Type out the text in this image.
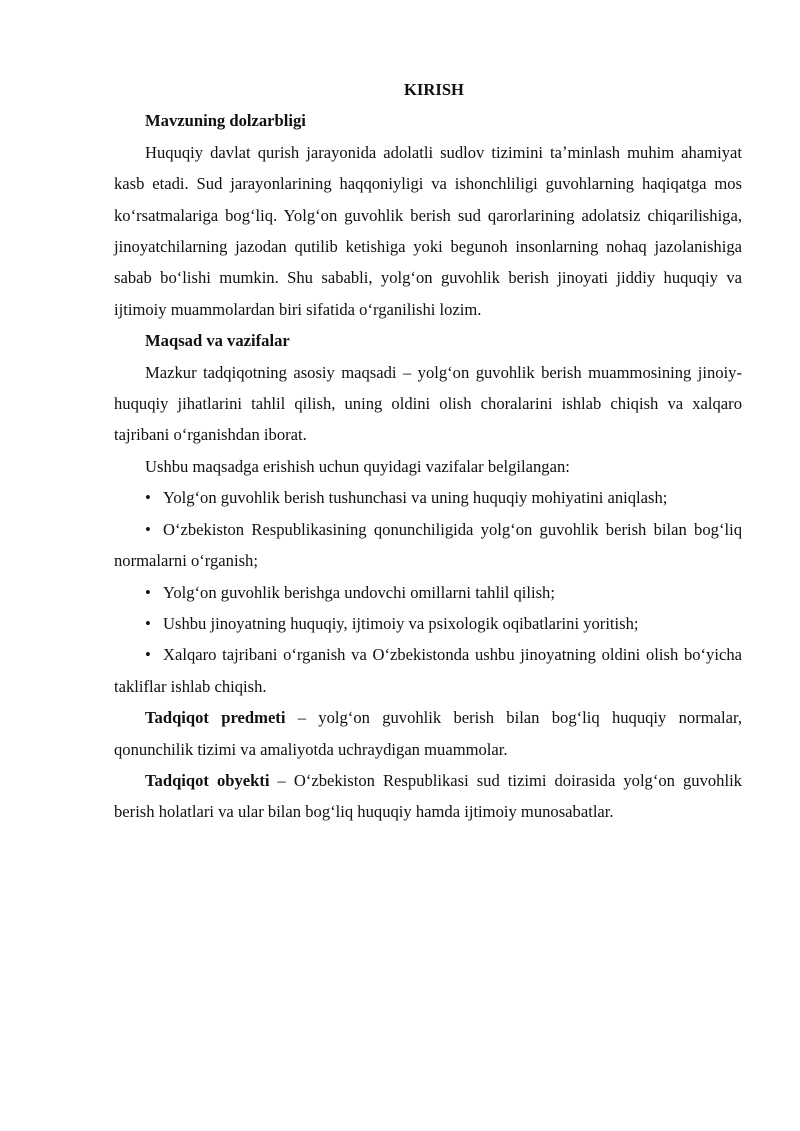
KIRISH

Mavzuning dolzarbligi

Huquqiy davlat qurish jarayonida adolatli sudlov tizimini taʼminlash muhim ahamiyat kasb etadi. Sud jarayonlarining haqqoniyligi va ishonchliligi guvohlarning haqiqatga mos koʻrsatmalariga bogʻliq. Yolgʻon guvohlik berish sud qarorlarining adolatsiz chiqarilishiga, jinoyatchilarning jazodan qutilib ketishiga yoki begunoh insonlarning nohaq jazolanishiga sabab boʻlishi mumkin. Shu sababli, yolgʻon guvohlik berish jinoyati jiddiy huquqiy va ijtimoiy muammolardan biri sifatida oʻrganilishi lozim.

Maqsad va vazifalar

Mazkur tadqiqotning asosiy maqsadi – yolgʻon guvohlik berish muammosining jinoiy-huquqiy jihatlarini tahlil qilish, uning oldini olish choralarini ishlab chiqish va xalqaro tajribani oʻrganishdan iborat.

Ushbu maqsadga erishish uchun quyidagi vazifalar belgilangan:

• Yolgʻon guvohlik berish tushunchasi va uning huquqiy mohiyatini aniqlash;
• Oʻzbekiston Respublikasining qonunchiligida yolgʻon guvohlik berish bilan bogʻliq normalarni oʻrganish;
• Yolgʻon guvohlik berishga undovchi omillarni tahlil qilish;
• Ushbu jinoyatning huquqiy, ijtimoiy va psixologik oqibatlarini yoritish;
• Xalqaro tajribani oʻrganish va Oʻzbekistonda ushbu jinoyatning oldini olish boʻyicha takliflar ishlab chiqish.

Tadqiqot predmeti – yolgʻon guvohlik berish bilan bogʻliq huquqiy normalar, qonunchilik tizimi va amaliyotda uchraydigan muammolar.

Tadqiqot obyekti – Oʻzbekiston Respublikasi sud tizimi doirasida yolgʻon guvohlik berish holatlari va ular bilan bogʻliq huquqiy hamda ijtimoiy munosabatlar.
